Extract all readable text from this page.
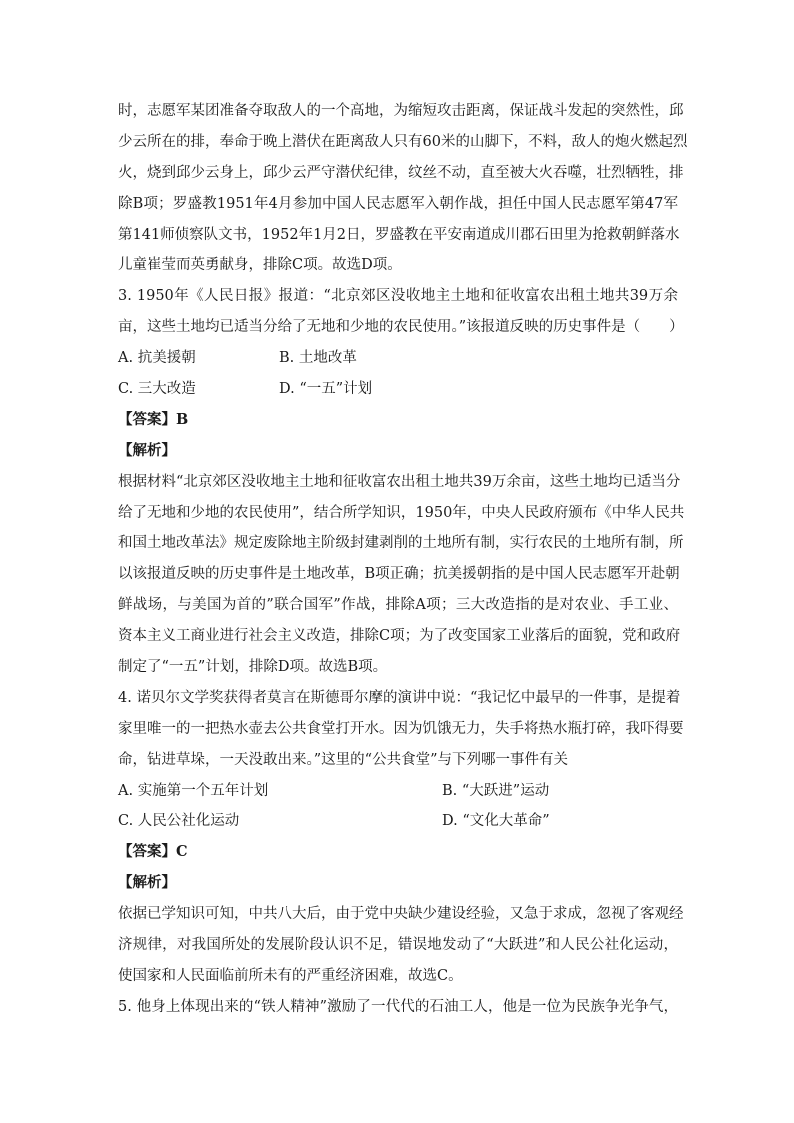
时，志愿军某团准备夺取敌人的一个高地，为缩短攻击距离，保证战斗发起的突然性，邱
少云所在的排，奉命于晚上潜伏在距离敌人只有60米的山脚下，不料，敌人的炮火燃起烈
火，烧到邱少云身上，邱少云严守潜伏纪律，纹丝不动，直至被大火吞噬，壮烈牺牲，排
除B项；罗盛教1951年4月参加中国人民志愿军入朝作战，担任中国人民志愿军第47军
第141师侦察队文书，1952年1月2日，罗盛教在平安南道成川郡石田里为抢救朝鲜落水
儿童崔莹而英勇献身，排除C项。故选D项。
3. 1950年《人民日报》报道：“北京郊区没收地主土地和征收富农出租土地共39万余
亩，这些土地均已适当分给了无地和少地的农民使用。”该报道反映的历史事件是（　　）
A. 抗美援朝	B. 土地改革
C. 三大改造	D. “一五”计划
【答案】B
【解析】
根据材料“北京郊区没收地主土地和征收富农出租土地共39万余亩，这些土地均已适当分
给了无地和少地的农民使用”，结合所学知识，1950年，中央人民政府颁布《中华人民共
和国土地改革法》规定废除地主阶级封建剥削的土地所有制，实行农民的土地所有制，所
以该报道反映的历史事件是土地改革，B项正确；抗美援朝指的是中国人民志愿军开赴朝
鲜战场，与美国为首的”联合国军”作战，排除A项；三大改造指的是对农业、手工业、
资本主义工商业进行社会主义改造，排除C项；为了改变国家工业落后的面貌，党和政府
制定了“一五”计划，排除D项。故选B项。
4. 诺贝尔文学奖获得者莫言在斯德哥尔摩的演讲中说：“我记忆中最早的一件事，是提着
家里唯一的一把热水壶去公共食堂打开水。因为饥饿无力，失手将热水瓶打碎，我吓得要
命，钻进草垛，一天没敢出来。”这里的“公共食堂”与下列哪一事件有关
A. 实施第一个五年计划	B. “大跃进”运动
C. 人民公社化运动	D. “文化大革命”
【答案】C
【解析】
依据已学知识可知，中共八大后，由于党中央缺少建设经验，又急于求成，忽视了客观经
济规律，对我国所处的发展阶段认识不足，错误地发动了“大跃进”和人民公社化运动，
使国家和人民面临前所未有的严重经济困难，故选C。
5. 他身上体现出来的“铁人精神”激励了一代代的石油工人，他是一位为民族争光争气，
